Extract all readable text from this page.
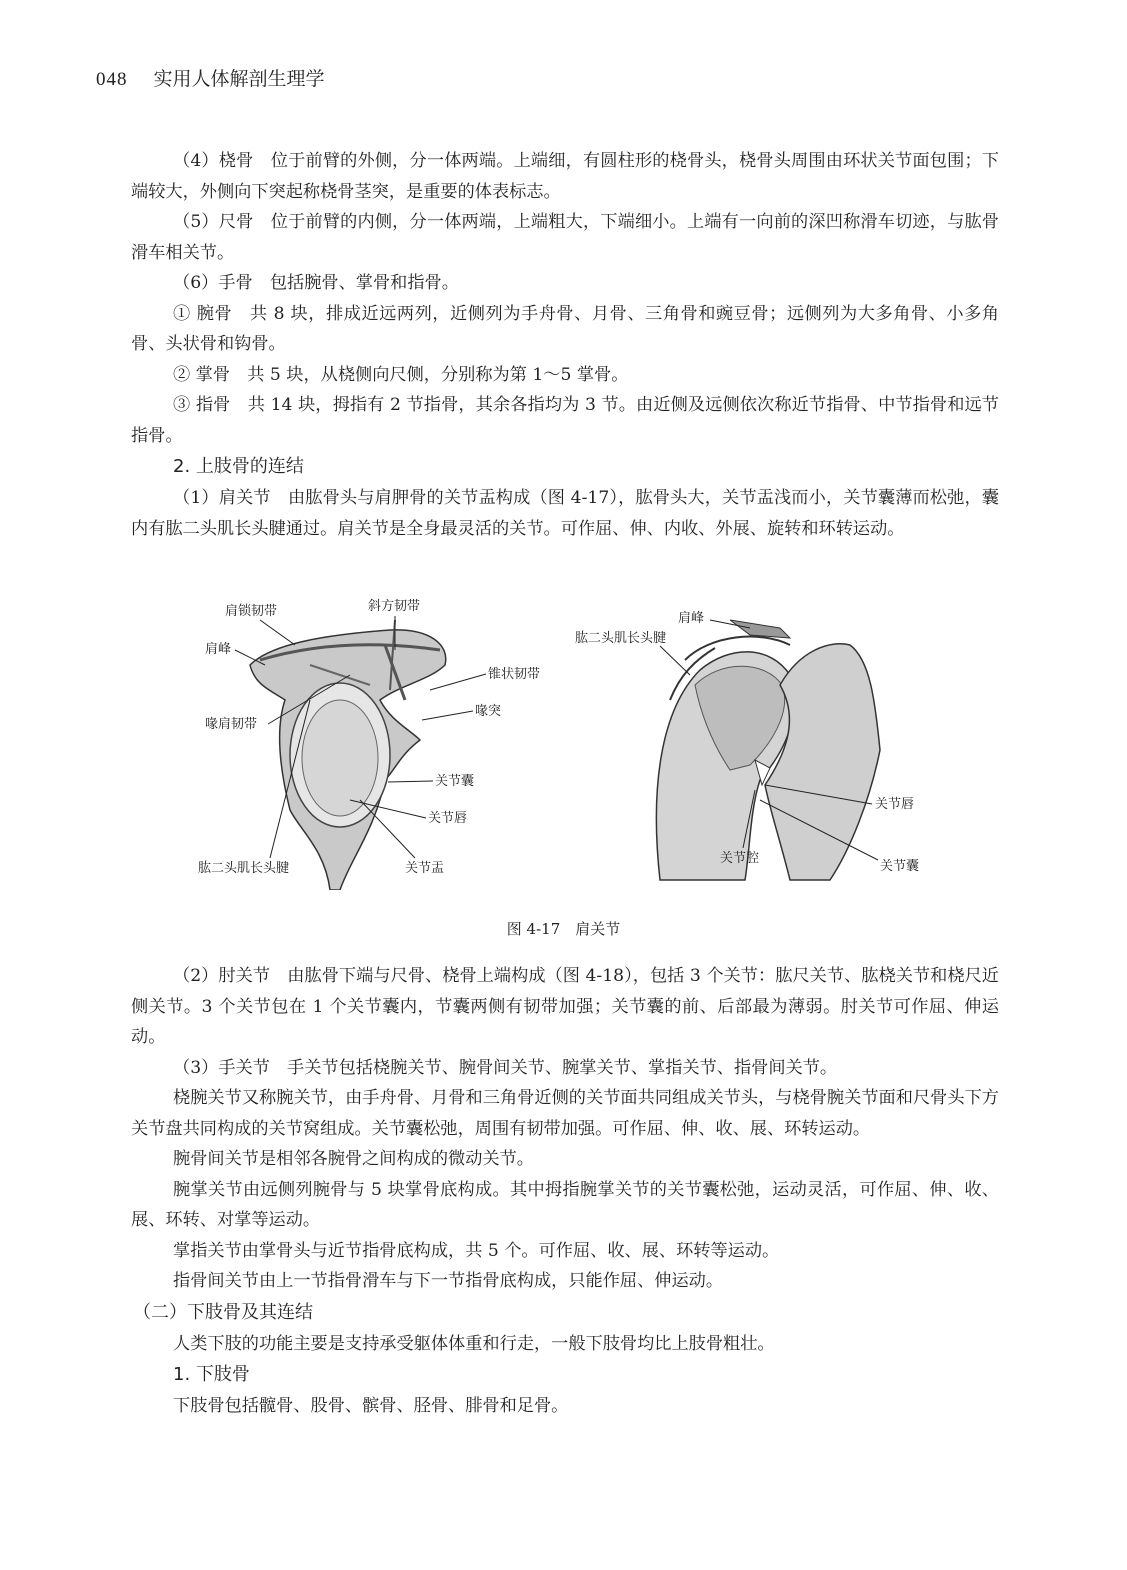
048 实用人体解剖生理学

（4）桡骨　位于前臂的外侧，分一体两端。上端细，有圆柱形的桡骨头，桡骨头周围由环状关节面包围；下端较大，外侧向下突起称桡骨茎突，是重要的体表标志。

（5）尺骨　位于前臂的内侧，分一体两端，上端粗大，下端细小。上端有一向前的深凹称滑车切迹，与肱骨滑车相关节。

（6）手骨　包括腕骨、掌骨和指骨。

① 腕骨　共 8 块，排成近远两列，近侧列为手舟骨、月骨、三角骨和豌豆骨；远侧列为大多角骨、小多角骨、头状骨和钩骨。

② 掌骨　共 5 块，从桡侧向尺侧，分别称为第 1～5 掌骨。

③ 指骨　共 14 块，拇指有 2 节指骨，其余各指均为 3 节。由近侧及远侧依次称近节指骨、中节指骨和远节指骨。

2. 上肢骨的连结

（1）肩关节　由肱骨头与肩胛骨的关节盂构成（图 4-17），肱骨头大，关节盂浅而小，关节囊薄而松弛，囊内有肱二头肌长头腱通过。肩关节是全身最灵活的关节。可作屈、伸、内收、外展、旋转和环转运动。

肩锁韧带	斜方韧带
肩峰
锥状韧带
喙肩韧带
喙突
关节囊
关节唇
肱二头肌长头腱	关节盂
肩峰
肱二头肌长头腱
关节唇
关节腔
关节囊
图 4-17　肩关节

（2）肘关节　由肱骨下端与尺骨、桡骨上端构成（图 4-18），包括 3 个关节：肱尺关节、肱桡关节和桡尺近侧关节。3 个关节包在 1 个关节囊内，节囊两侧有韧带加强；关节囊的前、后部最为薄弱。肘关节可作屈、伸运动。

（3）手关节　手关节包括桡腕关节、腕骨间关节、腕掌关节、掌指关节、指骨间关节。

桡腕关节又称腕关节，由手舟骨、月骨和三角骨近侧的关节面共同组成关节头，与桡骨腕关节面和尺骨头下方关节盘共同构成的关节窝组成。关节囊松弛，周围有韧带加强。可作屈、伸、收、展、环转运动。

腕骨间关节是相邻各腕骨之间构成的微动关节。

腕掌关节由远侧列腕骨与 5 块掌骨底构成。其中拇指腕掌关节的关节囊松弛，运动灵活，可作屈、伸、收、展、环转、对掌等运动。

掌指关节由掌骨头与近节指骨底构成，共 5 个。可作屈、收、展、环转等运动。

指骨间关节由上一节指骨滑车与下一节指骨底构成，只能作屈、伸运动。

（二）下肢骨及其连结

人类下肢的功能主要是支持承受躯体体重和行走，一般下肢骨均比上肢骨粗壮。

1. 下肢骨

下肢骨包括髋骨、股骨、髌骨、胫骨、腓骨和足骨。
